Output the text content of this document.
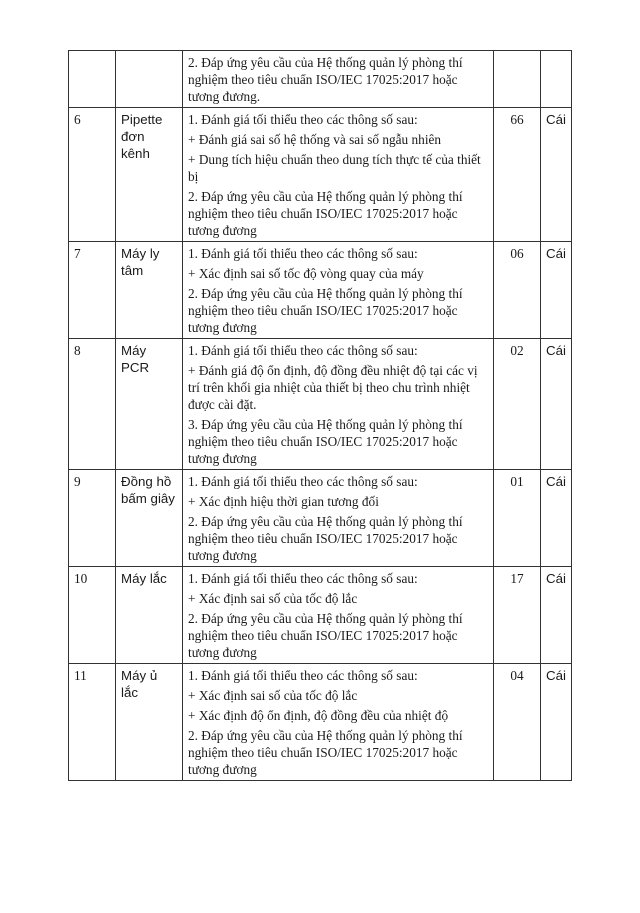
		2. Đáp ứng yêu cầu của Hệ thống quản lý phòng thí nghiệm theo tiêu chuẩn ISO/IEC 17025:2017 hoặc tương đương.		

6	Pipette đơn kênh	1. Đánh giá tối thiểu theo các thông số sau:
+ Đánh giá sai số hệ thống và sai số ngẫu nhiên
+ Dung tích hiệu chuẩn theo dung tích thực tế của thiết bị
2. Đáp ứng yêu cầu của Hệ thống quản lý phòng thí nghiệm theo tiêu chuẩn ISO/IEC 17025:2017 hoặc tương đương	66	Cái
7	Máy ly tâm	1. Đánh giá tối thiểu theo các thông số sau:
+ Xác định sai số tốc độ vòng quay của máy
2. Đáp ứng yêu cầu của Hệ thống quản lý phòng thí nghiệm theo tiêu chuẩn ISO/IEC 17025:2017 hoặc tương đương	06	Cái
8	Máy PCR	1. Đánh giá tối thiểu theo các thông số sau:
+ Đánh giá độ ổn định, độ đồng đều nhiệt độ tại các vị trí trên khối gia nhiệt của thiết bị theo chu trình nhiệt được cài đặt.
3. Đáp ứng yêu cầu của Hệ thống quản lý phòng thí nghiệm theo tiêu chuẩn ISO/IEC 17025:2017 hoặc tương đương	02	Cái
9	Đồng hồ bấm giây	1. Đánh giá tối thiểu theo các thông số sau:
+ Xác định hiệu thời gian tương đối
2. Đáp ứng yêu cầu của Hệ thống quản lý phòng thí nghiệm theo tiêu chuẩn ISO/IEC 17025:2017 hoặc tương đương	01	Cái
10	Máy lắc	1. Đánh giá tối thiểu theo các thông số sau:
+ Xác định sai số của tốc độ lắc
2. Đáp ứng yêu cầu của Hệ thống quản lý phòng thí nghiệm theo tiêu chuẩn ISO/IEC 17025:2017 hoặc tương đương	17	Cái
11	Máy ủ lắc	1. Đánh giá tối thiểu theo các thông số sau:
+ Xác định sai số của tốc độ lắc
+ Xác định độ ổn định, độ đồng đều của nhiệt độ
2. Đáp ứng yêu cầu của Hệ thống quản lý phòng thí nghiệm theo tiêu chuẩn ISO/IEC 17025:2017 hoặc tương đương	04	Cái
